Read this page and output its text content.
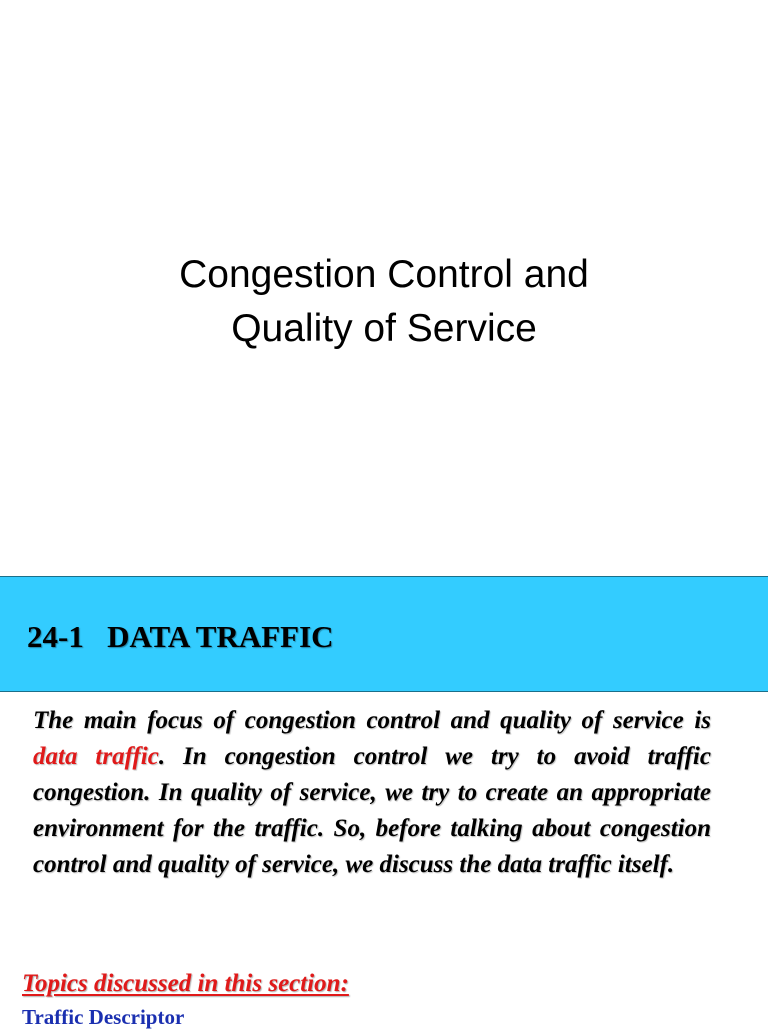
Congestion Control and
Quality of Service
24-1   DATA TRAFFIC
The main focus of congestion control and quality of service is data traffic. In congestion control we try to avoid traffic congestion. In quality of service, we try to create an appropriate environment for the traffic. So, before talking about congestion control and quality of service, we discuss the data traffic itself.
Topics discussed in this section:
Traffic Descriptor
